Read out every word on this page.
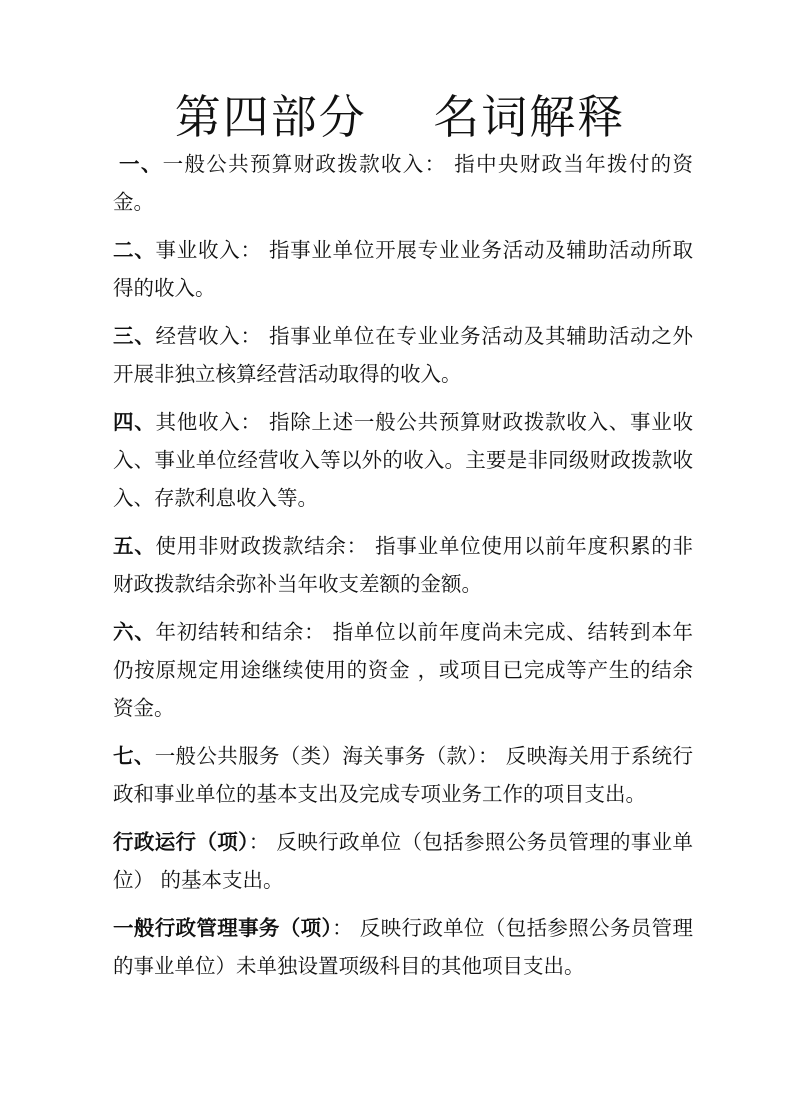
第四部分    名词解释

一、一般公共预算财政拨款收入： 指中央财政当年拨付的资金。

二、事业收入： 指事业单位开展专业业务活动及辅助活动所取得的收入。

三、经营收入： 指事业单位在专业业务活动及其辅助活动之外开展非独立核算经营活动取得的收入。

四、其他收入： 指除上述一般公共预算财政拨款收入、事业收入、事业单位经营收入等以外的收入。主要是非同级财政拨款收入、存款利息收入等。

五、使用非财政拨款结余： 指事业单位使用以前年度积累的非财政拨款结余弥补当年收支差额的金额。

六、年初结转和结余： 指单位以前年度尚未完成、结转到本年仍按原规定用途继续使用的资金 ，或项目已完成等产生的结余资金。

七、一般公共服务（类）海关事务（款）： 反映海关用于系统行政和事业单位的基本支出及完成专项业务工作的项目支出。

行政运行（项）： 反映行政单位（包括参照公务员管理的事业单位） 的基本支出。

一般行政管理事务（项）： 反映行政单位（包括参照公务员管理的事业单位）未单独设置项级科目的其他项目支出。
